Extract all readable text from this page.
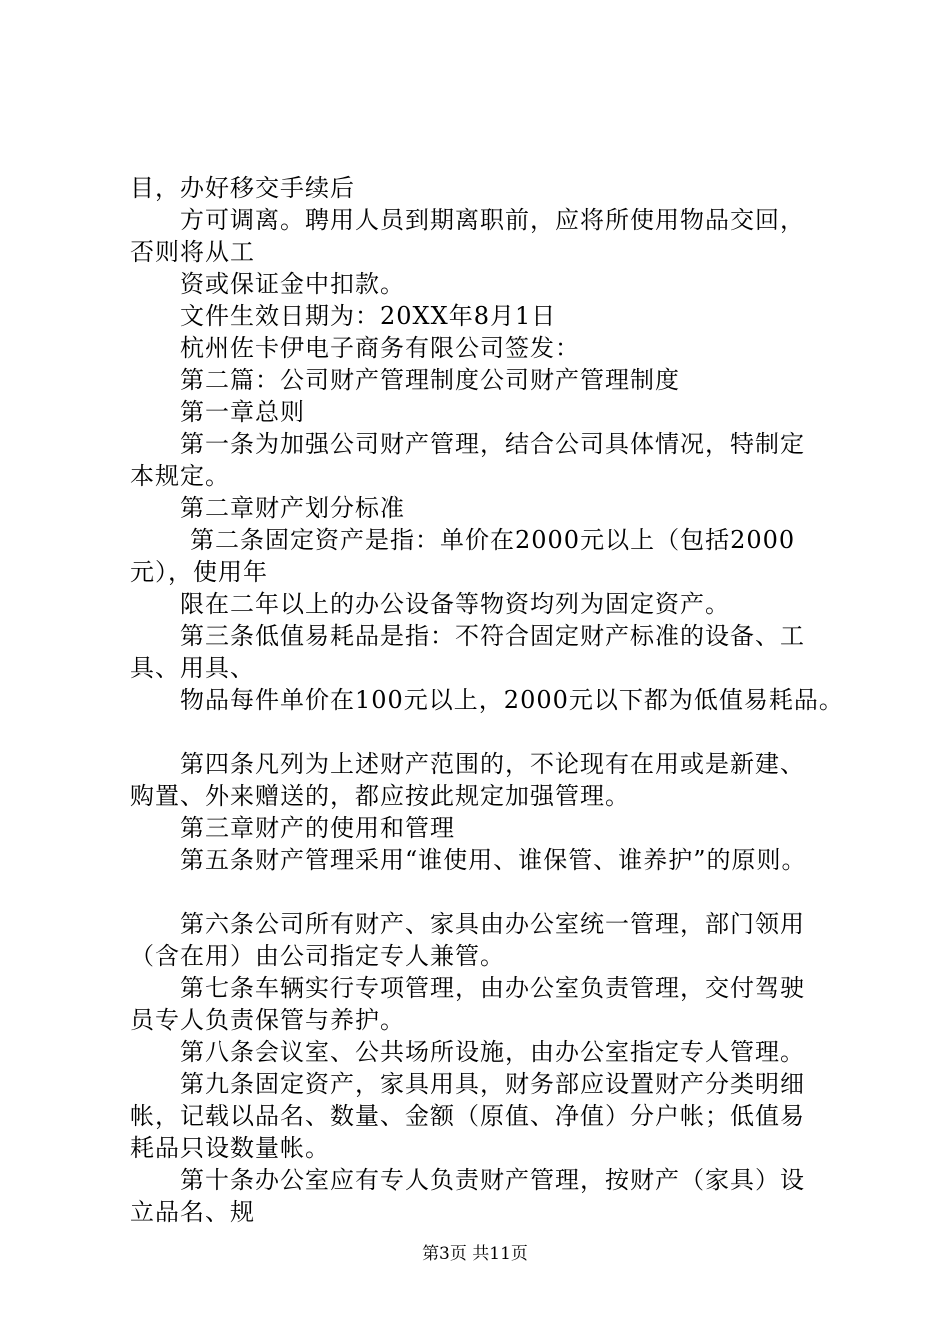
目，办好移交手续后

方可调离。聘用人员到期离职前，应将所使用物品交回，

否则将从工

资或保证金中扣款。

文件生效日期为：20XX年8月1日

杭州佐卡伊电子商务有限公司签发：

第二篇：公司财产管理制度公司财产管理制度

第一章总则

第一条为加强公司财产管理，结合公司具体情况，特制定

本规定。

第二章财产划分标准

第二条固定资产是指：单价在2000元以上（包括2000

元），使用年

限在二年以上的办公设备等物资均列为固定资产。

第三条低值易耗品是指：不符合固定财产标准的设备、工

具、用具、

物品每件单价在100元以上，2000元以下都为低值易耗品。

第四条凡列为上述财产范围的，不论现有在用或是新建、

购置、外来赠送的，都应按此规定加强管理。

第三章财产的使用和管理

第五条财产管理采用“谁使用、谁保管、谁养护”的原则。

第六条公司所有财产、家具由办公室统一管理，部门领用

（含在用）由公司指定专人兼管。

第七条车辆实行专项管理，由办公室负责管理，交付驾驶

员专人负责保管与养护。

第八条会议室、公共场所设施，由办公室指定专人管理。

第九条固定资产，家具用具，财务部应设置财产分类明细

帐，记载以品名、数量、金额（原值、净值）分户帐；低值易

耗品只设数量帐。

第十条办公室应有专人负责财产管理，按财产（家具）设

立品名、规

第3页 共11页
